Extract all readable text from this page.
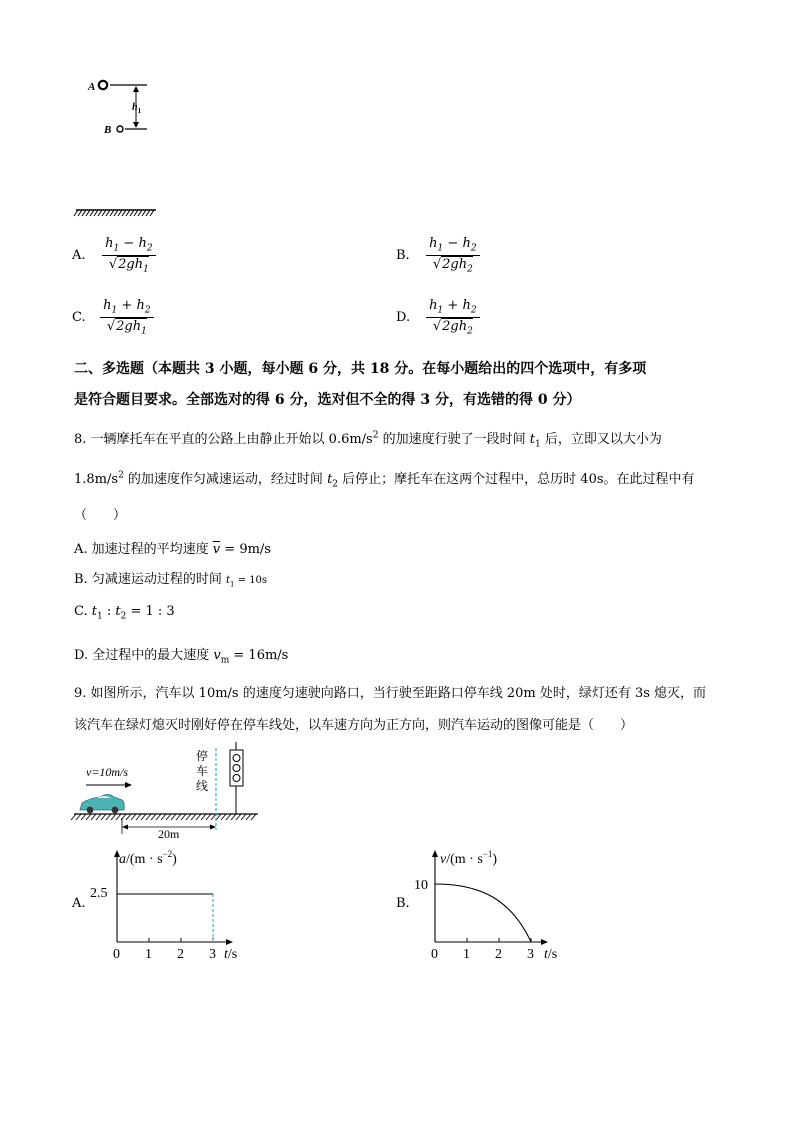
A
B
$h_1$
A. $\frac{h_1 - h_2}{√2gh_1}$	B. $\frac{h_1 - h_2}{√2gh_2}$
C. $\frac{h_1 + h_2}{√2gh_1}$	D. $\frac{h_1 + h_2}{√2gh_2}$
二、多选题（本题共 3 小题，每小题 6 分，共 18 分。在每小题给出的四个选项中，有多项
是符合题目要求。全部选对的得 6 分，选对但不全的得 3 分，有选错的得 0 分）
8. 一辆摩托车在平直的公路上由静止开始以 $0.6m/s^2$ 的加速度行驶了一段时间 $t_1$ 后，立即又以大小为
$1.8m/s^2$ 的加速度作匀减速运动，经过时间 $t_2$ 后停止；摩托车在这两个过程中，总历时 40s。在此过程中有
（　　）
A. 加速过程的平均速度 $\overline{v} = 9m/s$
B. 匀减速运动过程的时间 $t_1 = 10s$
C. $t_1$ : $t_2 = 1$ : 3
D. 全过程中的最大速度 $v_m = 16m/s$
9. 如图所示，汽车以 10m/s 的速度匀速驶向路口，当行驶至距路口停车线 20m 处时，绿灯还有 3s 熄灭，而
该汽车在绿灯熄灭时刚好停在停车线处，以车速方向为正方向，则汽车运动的图像可能是（　　）
v=10m/s
停
车
线
20m
A.
$a/(m \cdot s^{-2})$
2.5
0 1 2 3 t/s
B.
$v/(m \cdot s^{-1})$
10
0 1 2 3 t/s
